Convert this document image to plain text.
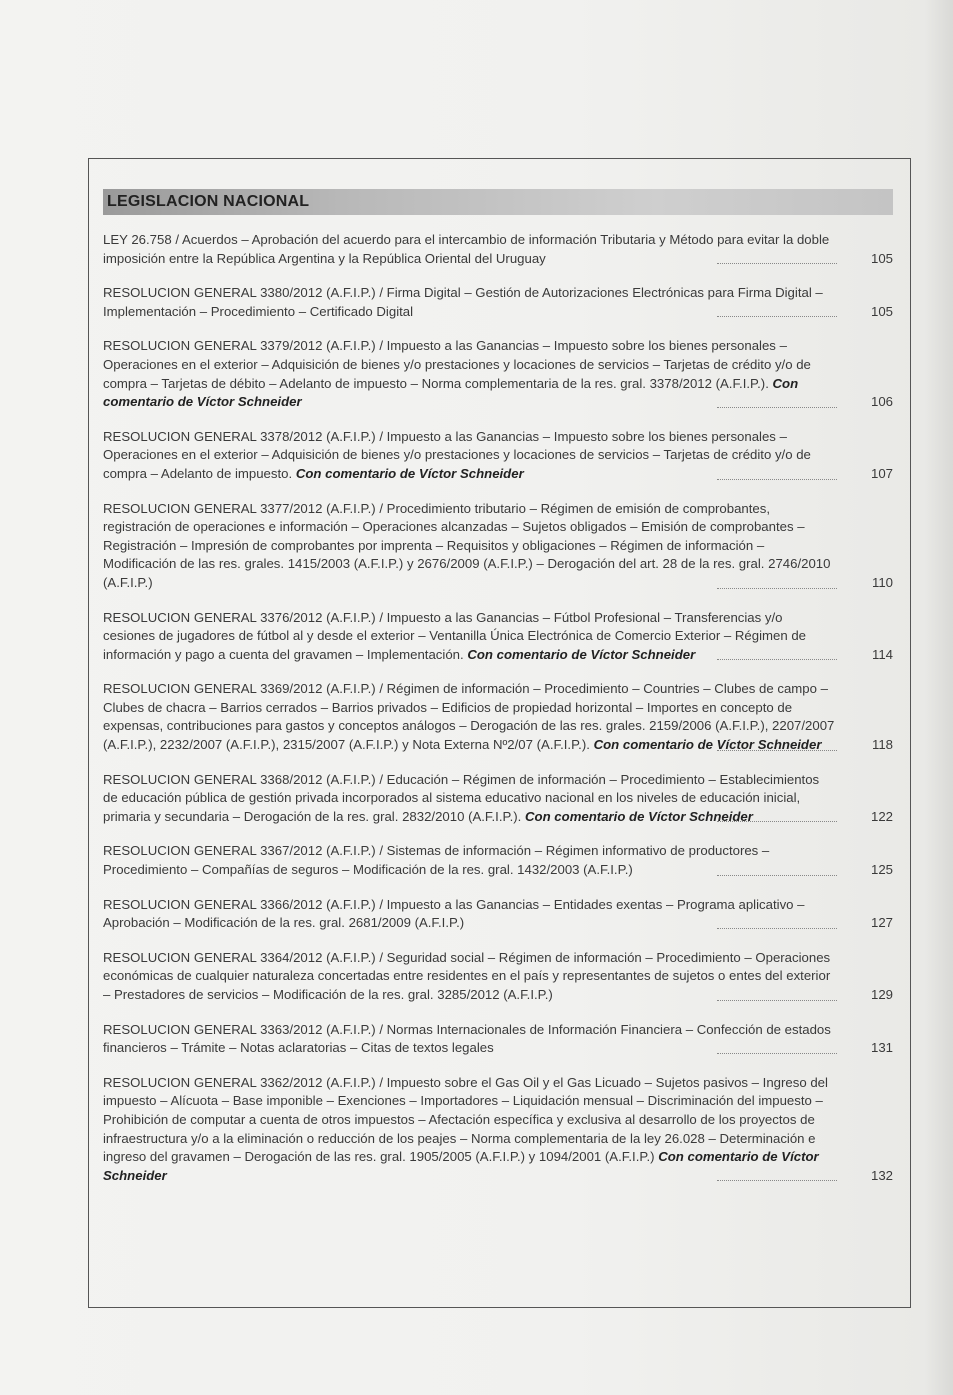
LEGISLACION NACIONAL
LEY 26.758 / Acuerdos – Aprobación del acuerdo para el intercambio de información Tributaria y Método para evitar la doble imposición entre la República Argentina y la República Oriental del Uruguay	105
RESOLUCION GENERAL 3380/2012 (A.F.I.P.) / Firma Digital – Gestión de Autorizaciones Electrónicas para Firma Digital – Implementación – Procedimiento – Certificado Digital	105
RESOLUCION GENERAL 3379/2012 (A.F.I.P.) / Impuesto a las Ganancias – Impuesto sobre los bienes personales – Operaciones en el exterior – Adquisición de bienes y/o prestaciones y locaciones de servicios – Tarjetas de crédito y/o de compra – Tarjetas de débito – Adelanto de impuesto – Norma complementaria de la res. gral. 3378/2012 (A.F.I.P.). Con comentario de Víctor Schneider	106
RESOLUCION GENERAL 3378/2012 (A.F.I.P.) / Impuesto a las Ganancias – Impuesto sobre los bienes personales – Operaciones en el exterior – Adquisición de bienes y/o prestaciones y locaciones de servicios – Tarjetas de crédito y/o de compra – Adelanto de impuesto. Con comentario de Víctor Schneider	107
RESOLUCION GENERAL 3377/2012 (A.F.I.P.) / Procedimiento tributario – Régimen de emisión de comprobantes, registración de operaciones e información – Operaciones alcanzadas – Sujetos obligados – Emisión de comprobantes – Registración – Impresión de comprobantes por imprenta – Requisitos y obligaciones – Régimen de información – Modificación de las res. grales. 1415/2003 (A.F.I.P.) y 2676/2009 (A.F.I.P.) – Derogación del art. 28 de la res. gral. 2746/2010 (A.F.I.P.)	110
RESOLUCION GENERAL 3376/2012 (A.F.I.P.) / Impuesto a las Ganancias – Fútbol Profesional – Transferencias y/o cesiones de jugadores de fútbol al y desde el exterior – Ventanilla Única Electrónica de Comercio Exterior – Régimen de información y pago a cuenta del gravamen – Implementación. Con comentario de Víctor Schneider	114
RESOLUCION GENERAL 3369/2012 (A.F.I.P.) / Régimen de información – Procedimiento – Countries – Clubes de campo – Clubes de chacra – Barrios cerrados – Barrios privados – Edificios de propiedad horizontal – Importes en concepto de expensas, contribuciones para gastos y conceptos análogos – Derogación de las res. grales. 2159/2006 (A.F.I.P.), 2207/2007 (A.F.I.P.), 2232/2007 (A.F.I.P.), 2315/2007 (A.F.I.P.) y Nota Externa Nº2/07 (A.F.I.P.). Con comentario de Víctor Schneider	118
RESOLUCION GENERAL 3368/2012 (A.F.I.P.) / Educación – Régimen de información – Procedimiento – Establecimientos de educación pública de gestión privada incorporados al sistema educativo nacional en los niveles de educación inicial, primaria y secundaria – Derogación de la res. gral. 2832/2010 (A.F.I.P.). Con comentario de Víctor Schneider	122
RESOLUCION GENERAL 3367/2012 (A.F.I.P.) / Sistemas de información – Régimen informativo de productores – Procedimiento – Compañías de seguros – Modificación de la res. gral. 1432/2003 (A.F.I.P.)	125
RESOLUCION GENERAL 3366/2012 (A.F.I.P.) / Impuesto a las Ganancias – Entidades exentas – Programa aplicativo – Aprobación – Modificación de la res. gral. 2681/2009 (A.F.I.P.)	127
RESOLUCION GENERAL 3364/2012 (A.F.I.P.) / Seguridad social – Régimen de información – Procedimiento – Operaciones económicas de cualquier naturaleza concertadas entre residentes en el país y representantes de sujetos o entes del exterior – Prestadores de servicios – Modificación de la res. gral. 3285/2012 (A.F.I.P.)	129
RESOLUCION GENERAL 3363/2012 (A.F.I.P.) / Normas Internacionales de Información Financiera – Confección de estados financieros – Trámite – Notas aclaratorias – Citas de textos legales	131
RESOLUCION GENERAL 3362/2012 (A.F.I.P.) / Impuesto sobre el Gas Oil y el Gas Licuado – Sujetos pasivos – Ingreso del impuesto – Alícuota – Base imponible – Exenciones – Importadores – Liquidación mensual – Discriminación del impuesto – Prohibición de computar a cuenta de otros impuestos – Afectación específica y exclusiva al desarrollo de los proyectos de infraestructura y/o a la eliminación o reducción de los peajes – Norma complementaria de la ley 26.028 – Determinación e ingreso del gravamen – Derogación de las res. gral. 1905/2005 (A.F.I.P.) y 1094/2001 (A.F.I.P.) Con comentario de Víctor Schneider	132
